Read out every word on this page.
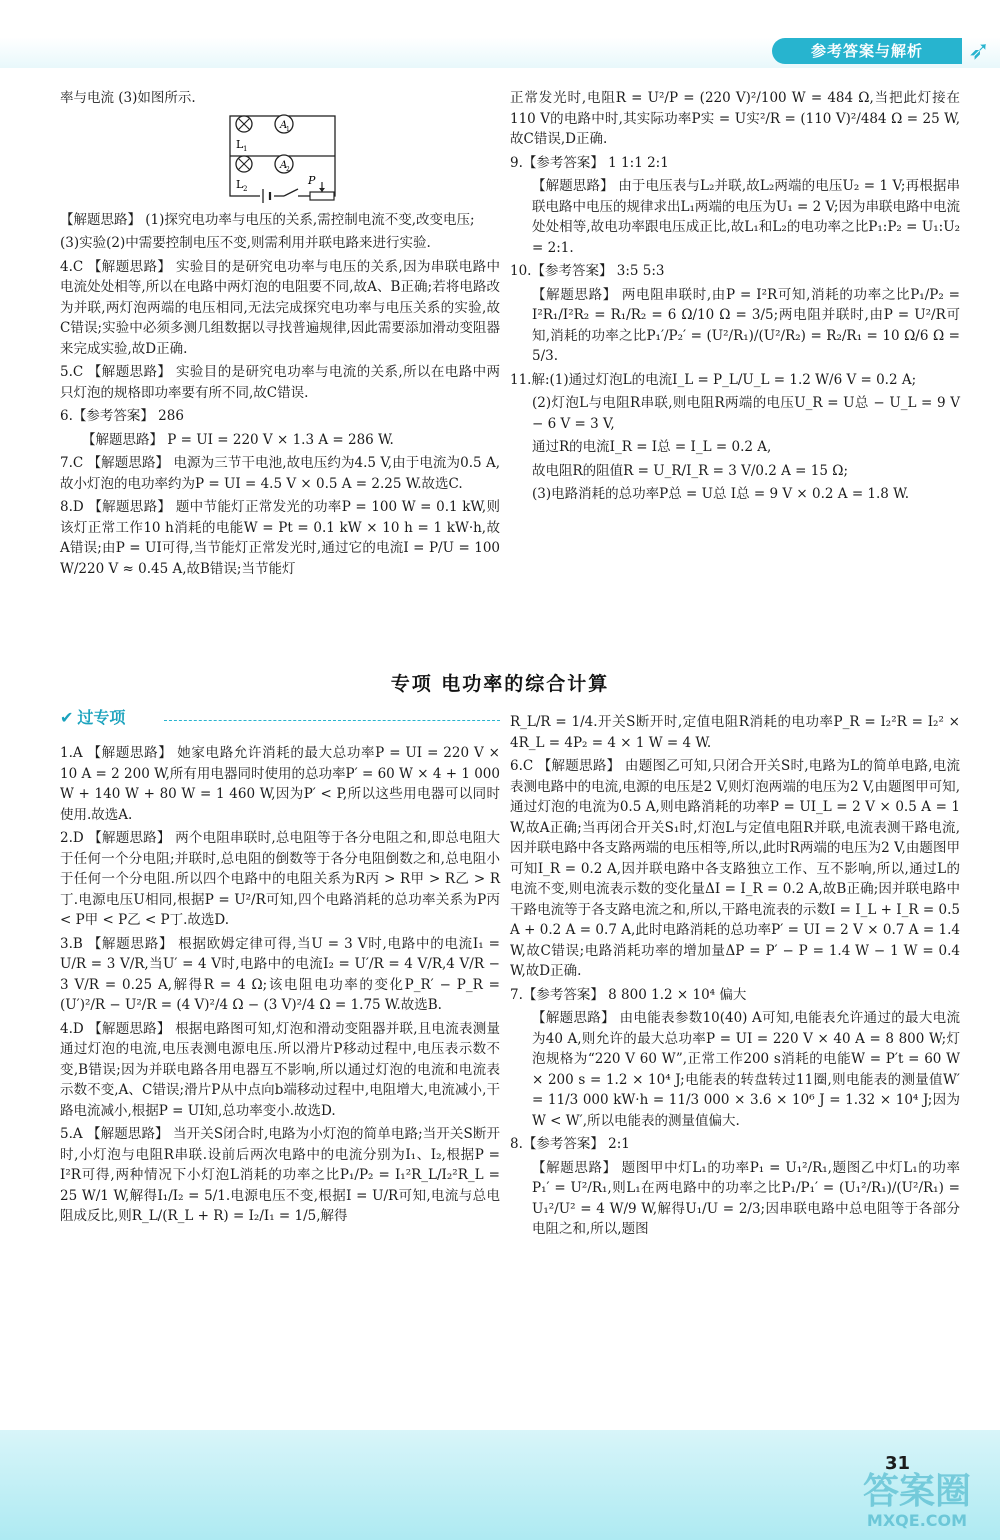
参考答案与解析	➶

率与电流 (3)如图所示.

A
1
A
2
L 1
L 2
P

【解题思路】 (1)探究电功率与电压的关系,需控制电流不变,改变电压;

(3)实验(2)中需要控制电压不变,则需利用并联电路来进行实验.

4.C 【解题思路】 实验目的是研究电功率与电压的关系,因为串联电路中电流处处相等,所以在电路中两灯泡的电阻要不同,故A、B正确;若将电路改为并联,两灯泡两端的电压相同,无法完成探究电功率与电压关系的实验,故C错误;实验中必须多测几组数据以寻找普遍规律,因此需要添加滑动变阻器来完成实验,故D正确.

5.C 【解题思路】 实验目的是研究电功率与电流的关系,所以在电路中两只灯泡的规格即功率要有所不同,故C错误.

6.【参考答案】 286

【解题思路】 P = UI = 220 V × 1.3 A = 286 W.

7.C 【解题思路】 电源为三节干电池,故电压约为4.5 V,由于电流为0.5 A,故小灯泡的电功率约为P = UI = 4.5 V × 0.5 A = 2.25 W.故选C.

8.D 【解题思路】 题中节能灯正常发光的功率P = 100 W = 0.1 kW,则该灯正常工作10 h消耗的电能W = Pt = 0.1 kW × 10 h = 1 kW·h,故A错误;由P = UI可得,当节能灯正常发光时,通过它的电流I = P/U = 100 W/220 V ≈ 0.45 A,故B错误;当节能灯

正常发光时,电阻R = U²/P = (220 V)²/100 W = 484 Ω,当把此灯接在110 V的电路中时,其实际功率P实 = U实²/R = (110 V)²/484 Ω = 25 W,故C错误,D正确.

9.【参考答案】 1 1:1 2:1

【解题思路】 由于电压表与L₂并联,故L₂两端的电压U₂ = 1 V;再根据串联电路中电压的规律求出L₁两端的电压为U₁ = 2 V;因为串联电路中电流处处相等,故电功率跟电压成正比,故L₁和L₂的电功率之比P₁:P₂ = U₁:U₂ = 2:1.

10.【参考答案】 3:5 5:3

【解题思路】 两电阻串联时,由P = I²R可知,消耗的功率之比P₁/P₂ = I²R₁/I²R₂ = R₁/R₂ = 6 Ω/10 Ω = 3/5;两电阻并联时,由P = U²/R可知,消耗的功率之比P₁′/P₂′ = (U²/R₁)/(U²/R₂) = R₂/R₁ = 10 Ω/6 Ω = 5/3.

11.解:(1)通过灯泡L的电流I_L = P_L/U_L = 1.2 W/6 V = 0.2 A;

(2)灯泡L与电阻R串联,则电阻R两端的电压U_R = U总 − U_L = 9 V − 6 V = 3 V,

通过R的电流I_R = I总 = I_L = 0.2 A,

故电阻R的阻值R = U_R/I_R = 3 V/0.2 A = 15 Ω;

(3)电路消耗的总功率P总 = U总 I总 = 9 V × 0.2 A = 1.8 W.

专项 电功率的综合计算
✔ 过专项

1.A 【解题思路】 她家电路允许消耗的最大总功率P = UI = 220 V × 10 A = 2 200 W,所有用电器同时使用的总功率P′ = 60 W × 4 + 1 000 W + 140 W + 80 W = 1 460 W,因为P′ < P,所以这些用电器可以同时使用.故选A.

2.D 【解题思路】 两个电阻串联时,总电阻等于各分电阻之和,即总电阻大于任何一个分电阻;并联时,总电阻的倒数等于各分电阻倒数之和,总电阻小于任何一个分电阻.所以四个电路中的电阻关系为R丙 > R甲 > R乙 > R丁.电源电压U相同,根据P = U²/R可知,四个电路消耗的总功率关系为P丙 < P甲 < P乙 < P丁.故选D.

3.B 【解题思路】 根据欧姆定律可得,当U = 3 V时,电路中的电流I₁ = U/R = 3 V/R,当U′ = 4 V时,电路中的电流I₂ = U′/R = 4 V/R,4 V/R − 3 V/R = 0.25 A,解得R = 4 Ω;该电阻电功率的变化P_R′ − P_R = (U′)²/R − U²/R = (4 V)²/4 Ω − (3 V)²/4 Ω = 1.75 W.故选B.

4.D 【解题思路】 根据电路图可知,灯泡和滑动变阻器并联,且电流表测量通过灯泡的电流,电压表测电源电压.所以滑片P移动过程中,电压表示数不变,B错误;因为并联电路各用电器互不影响,所以通过灯泡的电流和电流表示数不变,A、C错误;滑片P从中点向b端移动过程中,电阻增大,电流减小,干路电流减小,根据P = UI知,总功率变小.故选D.

5.A 【解题思路】 当开关S闭合时,电路为小灯泡的简单电路;当开关S断开时,小灯泡与电阻R串联.设前后两次电路中的电流分别为I₁、I₂,根据P = I²R可得,两种情况下小灯泡L消耗的功率之比P₁/P₂ = I₁²R_L/I₂²R_L = 25 W/1 W,解得I₁/I₂ = 5/1.电源电压不变,根据I = U/R可知,电流与总电阻成反比,则R_L/(R_L + R) = I₂/I₁ = 1/5,解得

R_L/R = 1/4.开关S断开时,定值电阻R消耗的电功率P_R = I₂²R = I₂² × 4R_L = 4P₂ = 4 × 1 W = 4 W.

6.C 【解题思路】 由题图乙可知,只闭合开关S时,电路为L的简单电路,电流表测电路中的电流,电源的电压是2 V,则灯泡两端的电压为2 V,由题图甲可知,通过灯泡的电流为0.5 A,则电路消耗的功率P = UI_L = 2 V × 0.5 A = 1 W,故A正确;当再闭合开关S₁时,灯泡L与定值电阻R并联,电流表测干路电流,因并联电路中各支路两端的电压相等,所以,此时R两端的电压为2 V,由题图甲可知I_R = 0.2 A,因并联电路中各支路独立工作、互不影响,所以,通过L的电流不变,则电流表示数的变化量ΔI = I_R = 0.2 A,故B正确;因并联电路中干路电流等于各支路电流之和,所以,干路电流表的示数I = I_L + I_R = 0.5 A + 0.2 A = 0.7 A,此时电路消耗的总功率P′ = UI = 2 V × 0.7 A = 1.4 W,故C错误;电路消耗功率的增加量ΔP = P′ − P = 1.4 W − 1 W = 0.4 W,故D正确.

7.【参考答案】 8 800 1.2 × 10⁴ 偏大

【解题思路】 由电能表参数10(40) A可知,电能表允许通过的最大电流为40 A,则允许的最大总功率P = UI = 220 V × 40 A = 8 800 W;灯泡规格为“220 V 60 W”,正常工作200 s消耗的电能W = P′t = 60 W × 200 s = 1.2 × 10⁴ J;电能表的转盘转过11圈,则电能表的测量值W′ = 11/3 000 kW·h = 11/3 000 × 3.6 × 10⁶ J = 1.32 × 10⁴ J;因为W < W′,所以电能表的测量值偏大.

8.【参考答案】 2:1

【解题思路】 题图甲中灯L₁的功率P₁ = U₁²/R₁,题图乙中灯L₁的功率P₁′ = U²/R₁,则L₁在两电路中的功率之比P₁/P₁′ = (U₁²/R₁)/(U²/R₁) = U₁²/U² = 4 W/9 W,解得U₁/U = 2/3;因串联电路中总电阻等于各部分电阻之和,所以,题图

31
答案圈
MXQE.COM
